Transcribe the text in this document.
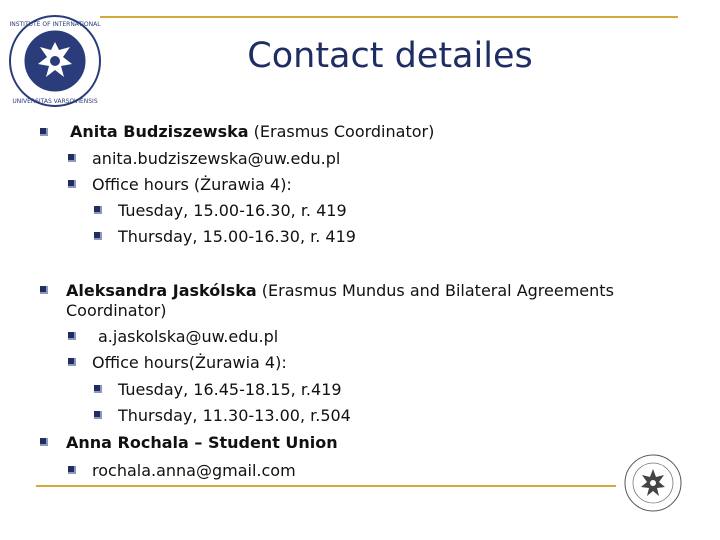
INSTITUTE OF INTERNATIONAL
UNIVERSITAS VARSOVIENSIS
Contact detailes
Anita Budziszewska (Erasmus Coordinator)
anita.budziszewska@uw.edu.pl
Office hours (Żurawia 4):
Tuesday, 15.00-16.30, r. 419
Thursday, 15.00-16.30, r. 419
Aleksandra Jaskólska (Erasmus Mundus and Bilateral Agreements
Coordinator)
a.jaskolska@uw.edu.pl
Office hours(Żurawia 4):
Tuesday, 16.45-18.15, r.419
Thursday, 11.30-13.00, r.504
Anna Rochala – Student Union
rochala.anna@gmail.com
